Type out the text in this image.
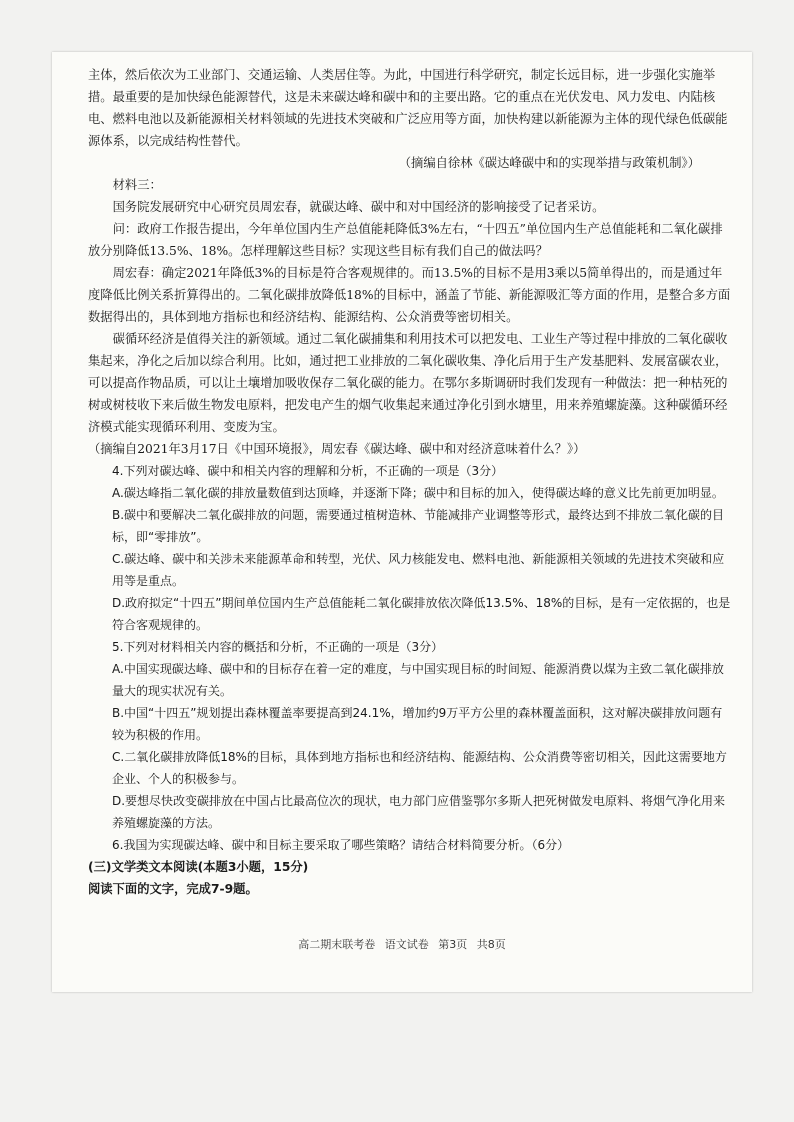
主体，然后依次为工业部门、交通运输、人类居住等。为此，中国进行科学研究，制定长远目标，进一步强化实施举措。最重要的是加快绿色能源替代，这是未来碳达峰和碳中和的主要出路。它的重点在光伏发电、风力发电、内陆核电、燃料电池以及新能源相关材料领域的先进技术突破和广泛应用等方面，加快构建以新能源为主体的现代绿色低碳能源体系，以完成结构性替代。

（摘编自徐林《碳达峰碳中和的实现举措与政策机制》）

材料三：

国务院发展研究中心研究员周宏春，就碳达峰、碳中和对中国经济的影响接受了记者采访。

问：政府工作报告提出，今年单位国内生产总值能耗降低3%左右，“十四五”单位国内生产总值能耗和二氧化碳排放分别降低13.5%、18%。怎样理解这些目标？实现这些目标有我们自己的做法吗？

周宏春：确定2021年降低3%的目标是符合客观规律的。而13.5%的目标不是用3乘以5简单得出的，而是通过年度降低比例关系折算得出的。二氧化碳排放降低18%的目标中，涵盖了节能、新能源吸汇等方面的作用，是整合多方面数据得出的，具体到地方指标也和经济结构、能源结构、公众消费等密切相关。

碳循环经济是值得关注的新领域。通过二氧化碳捕集和利用技术可以把发电、工业生产等过程中排放的二氧化碳收集起来，净化之后加以综合利用。比如，通过把工业排放的二氧化碳收集、净化后用于生产发基肥料、发展富碳农业，可以提高作物品质，可以让土壤增加吸收保存二氧化碳的能力。在鄂尔多斯调研时我们发现有一种做法：把一种枯死的树或树枝收下来后做生物发电原料，把发电产生的烟气收集起来通过净化引到水塘里，用来养殖螺旋藻。这种碳循环经济模式能实现循环利用、变废为宝。

（摘编自2021年3月17日《中国环境报》，周宏春《碳达峰、碳中和对经济意味着什么？》）

4.下列对碳达峰、碳中和相关内容的理解和分析，不正确的一项是（3分）

A.碳达峰指二氧化碳的排放量数值到达顶峰，并逐渐下降；碳中和目标的加入，使得碳达峰的意义比先前更加明显。

B.碳中和要解决二氧化碳排放的问题，需要通过植树造林、节能减排产业调整等形式，最终达到不排放二氧化碳的目标，即“零排放”。

C.碳达峰、碳中和关涉未来能源革命和转型，光伏、风力核能发电、燃料电池、新能源相关领域的先进技术突破和应用等是重点。

D.政府拟定“十四五”期间单位国内生产总值能耗二氧化碳排放依次降低13.5%、18%的目标，是有一定依据的，也是符合客观规律的。

5.下列对材料相关内容的概括和分析，不正确的一项是（3分）

A.中国实现碳达峰、碳中和的目标存在着一定的难度，与中国实现目标的时间短、能源消费以煤为主致二氧化碳排放量大的现实状况有关。

B.中国“十四五”规划提出森林覆盖率要提高到24.1%，增加约9万平方公里的森林覆盖面积，这对解决碳排放问题有较为积极的作用。

C.二氧化碳排放降低18%的目标，具体到地方指标也和经济结构、能源结构、公众消费等密切相关，因此这需要地方企业、个人的积极参与。

D.要想尽快改变碳排放在中国占比最高位次的现状，电力部门应借鉴鄂尔多斯人把死树做发电原料、将烟气净化用来养殖螺旋藻的方法。

6.我国为实现碳达峰、碳中和目标主要采取了哪些策略？请结合材料简要分析。（6分）

(三)文学类文本阅读(本题3小题，15分)

阅读下面的文字，完成7-9题。

高二期末联考卷 语文试卷 第3页 共8页
